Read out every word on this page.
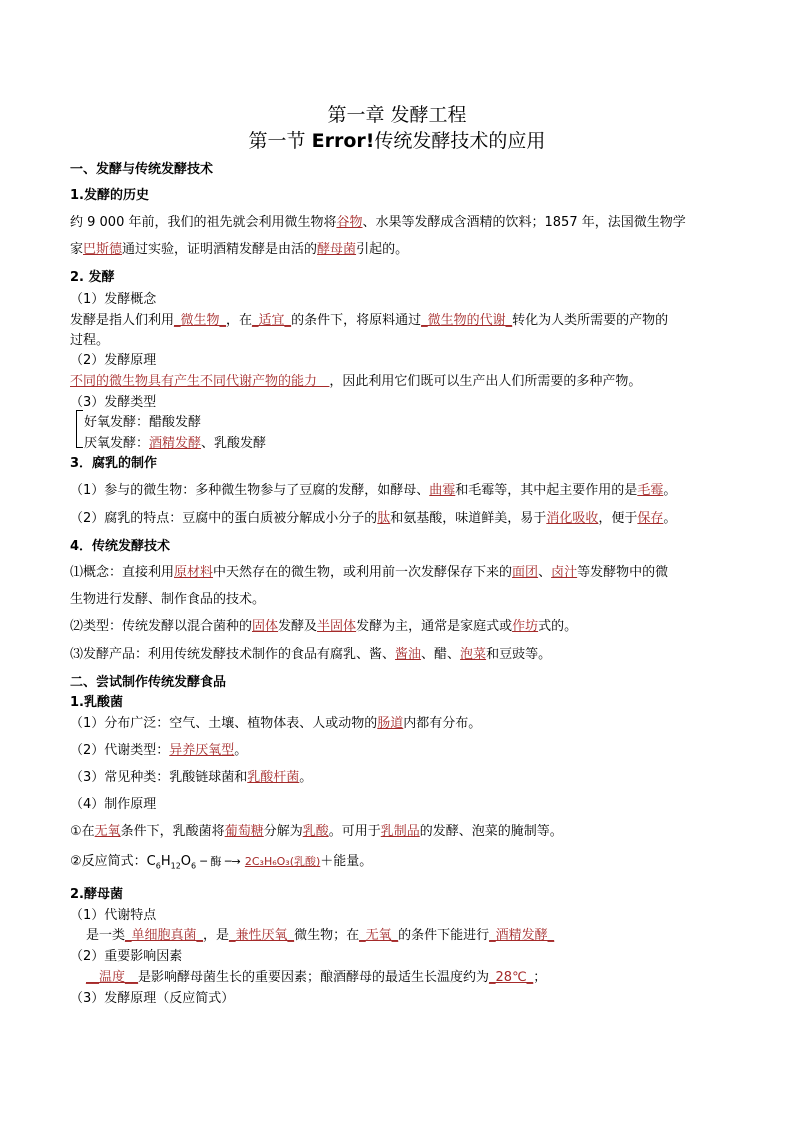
第一章 发酵工程
第一节 Error!传统发酵技术的应用
一、发酵与传统发酵技术
1.发酵的历史
约 9 000 年前，我们的祖先就会利用微生物将谷物、水果等发酵成含酒精的饮料；1857 年，法国微生物学
家巴斯德通过实验，证明酒精发酵是由活的酵母菌引起的。
2. 发酵
（1）发酵概念
发酵是指人们利用_微生物_，在_适宜_的条件下，将原料通过_微生物的代谢_转化为人类所需要的产物的
过程。
（2）发酵原理
不同的微生物具有产生不同代谢产物的能力   ，因此利用它们既可以生产出人们所需要的多种产物。
（3）发酵类型
好氧发酵：醋酸发酵
厌氧发酵：酒精发酵、乳酸发酵
3．腐乳的制作
（1）参与的微生物：多种微生物参与了豆腐的发酵，如酵母、曲霉和毛霉等，其中起主要作用的是毛霉。
（2）腐乳的特点：豆腐中的蛋白质被分解成小分子的肽和氨基酸，味道鲜美，易于消化吸收，便于保存。
4．传统发酵技术
⑴概念：直接利用原材料中天然存在的微生物，或利用前一次发酵保存下来的面团、卤汁等发酵物中的微
生物进行发酵、制作食品的技术。
⑵类型：传统发酵以混合菌种的固体发酵及半固体发酵为主，通常是家庭式或作坊式的。
⑶发酵产品：利用传统发酵技术制作的食品有腐乳、酱、酱油、醋、泡菜和豆豉等。
二、尝试制作传统发酵食品
1.乳酸菌
（1）分布广泛：空气、土壤、植物体表、人或动物的肠道内都有分布。
（2）代谢类型：异养厌氧型。
（3）常见种类：乳酸链球菌和乳酸杆菌。
（4）制作原理
①在无氧条件下，乳酸菌将葡萄糖分解为乳酸。可用于乳制品的发酵、泡菜的腌制等。
②反应简式：$C_6H_{12}O_6$ ─ 酶 ─→ 2C₃H₆O₃(乳酸)＋能量。
2.酵母菌
（1）代谢特点
是一类_单细胞真菌_，是_兼性厌氧_微生物；在_无氧_的条件下能进行_酒精发酵_
（2）重要影响因素
__温度__是影响酵母菌生长的重要因素；酿酒酵母的最适生长温度约为_28℃_；
（3）发酵原理（反应简式）
